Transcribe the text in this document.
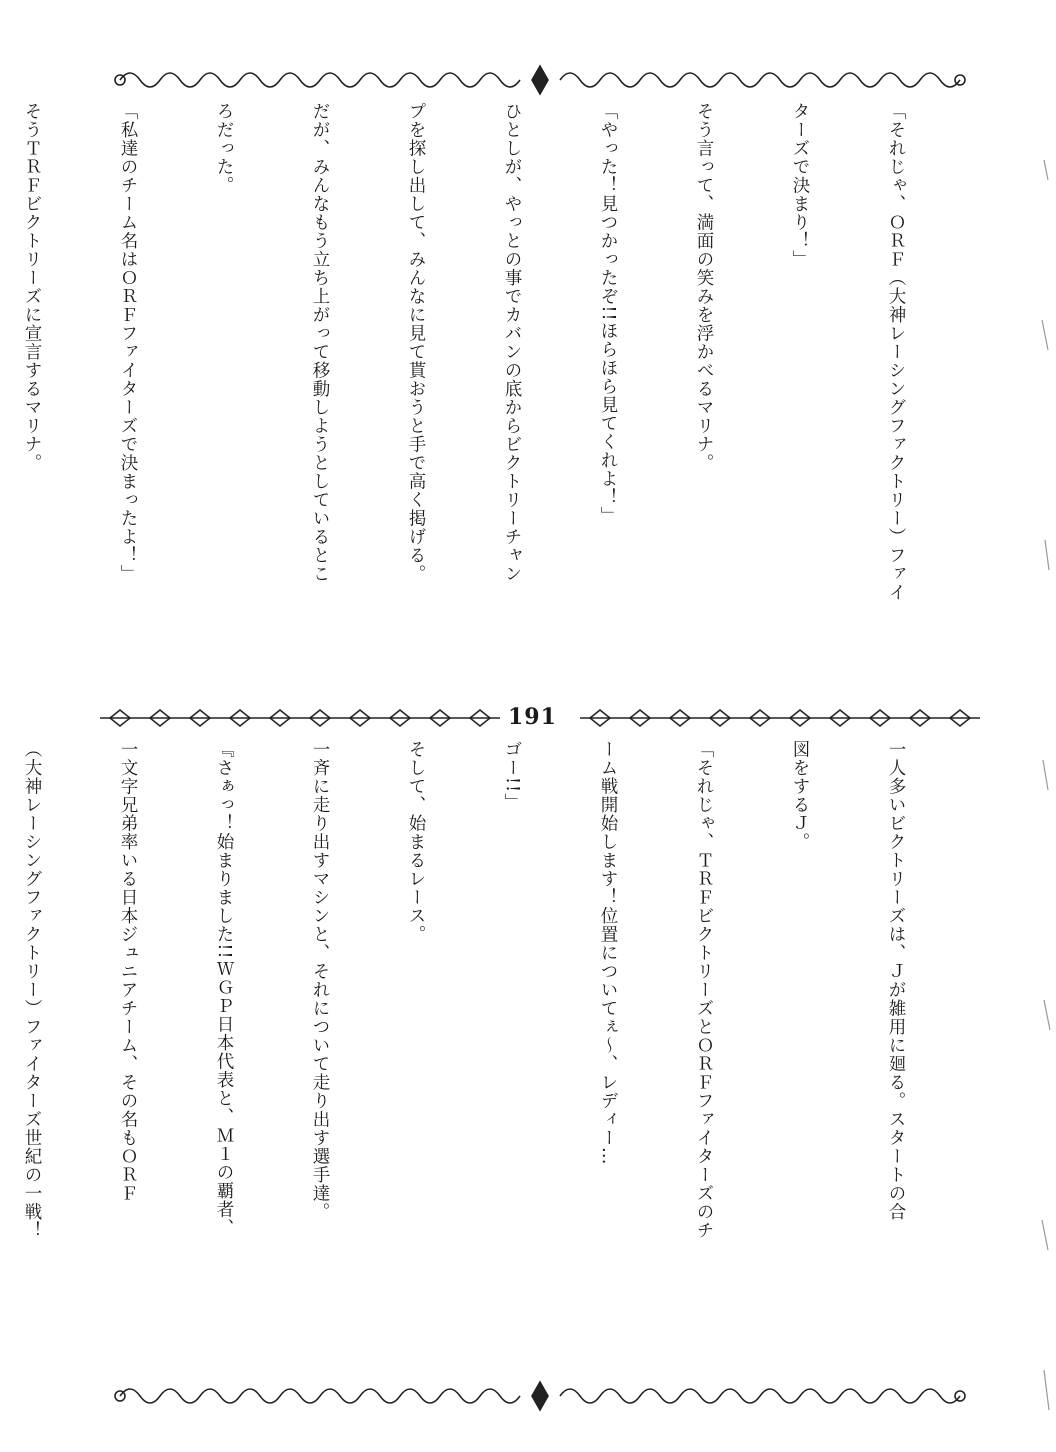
「それじゃ、ＯＲＦ（大神レーシングファクトリー）ファイ

ターズで決まり！」

そう言って、満面の笑みを浮かべるマリナ。

「やった！見つかったぞ!!ほらほら見てくれよ！」

ひとしが、やっとの事でカバンの底からビクトリーチャン

プを探し出して、みんなに見て貰おうと手で高く掲げる。

だが、みんなもう立ち上がって移動しようとしているとこ

ろだった。

「私達のチーム名はＯＲＦファイターズで決まったよ！」

そうＴＲＦビクトリーズに宣言するマリナ。

191

一人多いビクトリーズは、Ｊが雑用に廻る。スタートの合

図をするＪ。

「それじゃ、ＴＲＦビクトリーズとＯＲＦファイターズのチ

ーム戦開始します！位置についてぇ〜、レディー…

ゴー!!」

そして、始まるレース。

一斉に走り出すマシンと、それについて走り出す選手達。

『さぁっ！始まりました!!ＷＧＰ日本代表と、Ｍ１の覇者、

一文字兄弟率いる日本ジュニアチーム、その名もＯＲＦ

（大神レーシングファクトリー）ファイターズ世紀の一戦！
